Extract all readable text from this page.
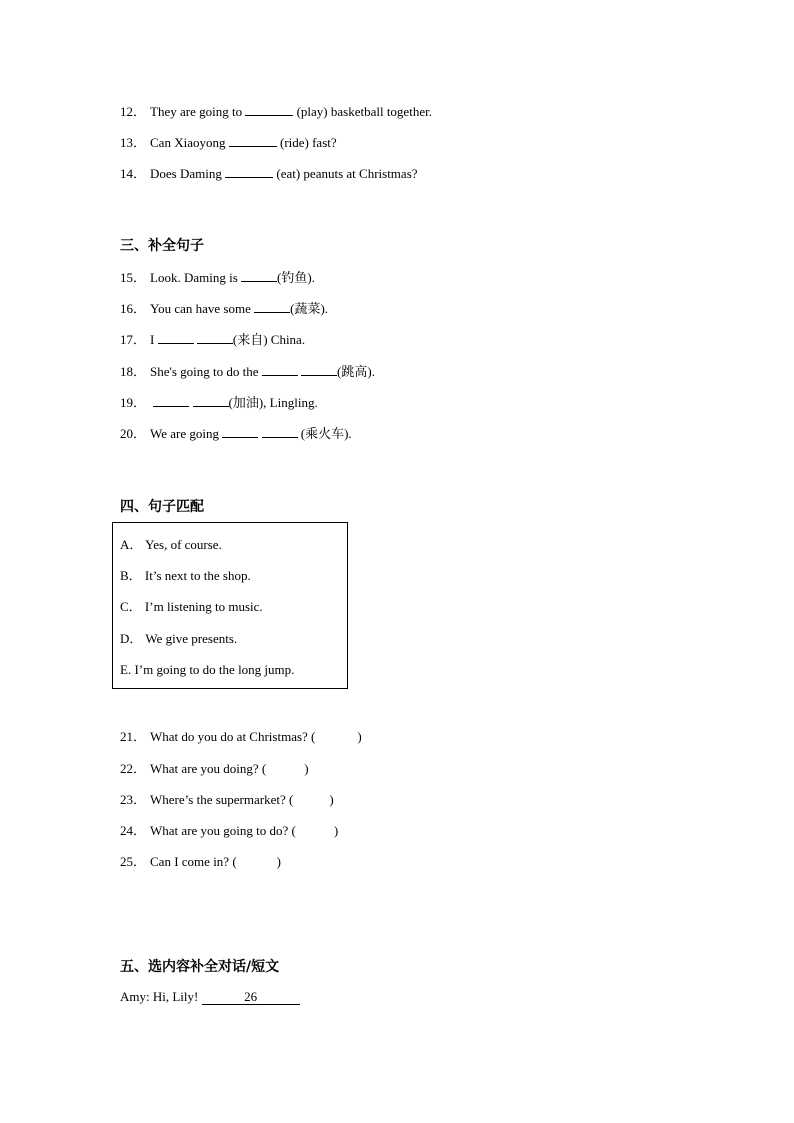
12． They are going to	(play) basketball together.
13． Can Xiaoyong	(ride) fast?
14． Does Daming	(eat) peanuts at Christmas?
三、补全句子
15． Look. Daming is	(钓鱼).
16． You can have some	(蔬菜).
17． I	(来自) China.
18． She's going to do the	(跳高).
19．	(加油), Lingling.
20． We are going	(乘火车).
四、句子匹配
A． Yes, of course.
B． It’s next to the shop.
C． I’m listening to music.
D． We give presents.
E. I’m going to do the long jump.
21． What do you do at Christmas? (	)
22． What are you doing? (	)
23． Where’s the supermarket? (	)
24． What are you going to do? (	)
25． Can I come in? (	)
五、选内容补全对话/短文
Amy: Hi, Lily!	26
